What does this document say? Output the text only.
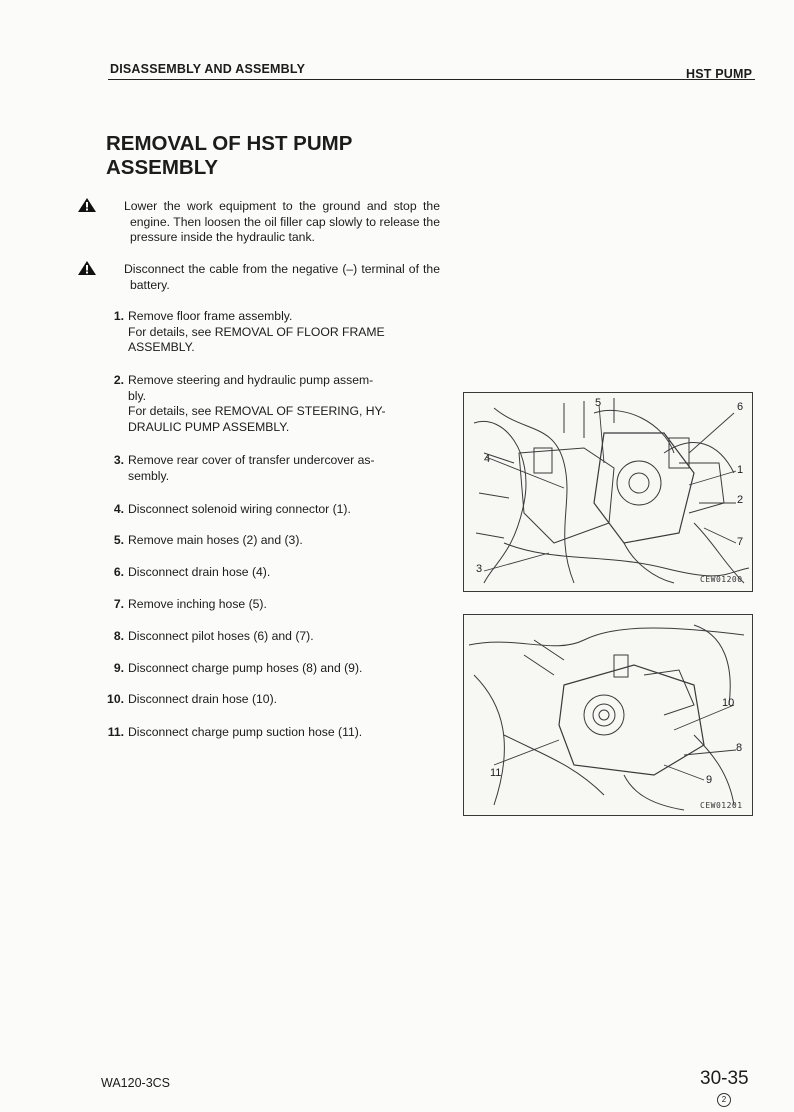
DISASSEMBLY AND ASSEMBLY	HST PUMP
REMOVAL OF HST PUMP ASSEMBLY
Lower the work equipment to the ground and stop the engine. Then loosen the oil filler cap slowly to release the pressure inside the hydraulic tank.
Disconnect the cable from the negative (–) terminal of the battery.
1. Remove floor frame assembly.
For details, see REMOVAL OF FLOOR FRAME
ASSEMBLY.
2. Remove steering and hydraulic pump assem-
bly.
For details, see REMOVAL OF STEERING, HY-
DRAULIC PUMP ASSEMBLY.
3. Remove rear cover of transfer undercover as-
sembly.
4. Disconnect solenoid wiring connector (1).
5. Remove main hoses (2) and (3).
6. Disconnect drain hose (4).
7. Remove inching hose (5).
8. Disconnect pilot hoses (6) and (7).
9. Disconnect charge pump hoses (8) and (9).
10. Disconnect drain hose (10).
11. Disconnect charge pump suction hose (11).
4
5	6
1
2
7
3
CEW01200
10
8
9
11
CEW01201
WA120-3CS	30-35
2
